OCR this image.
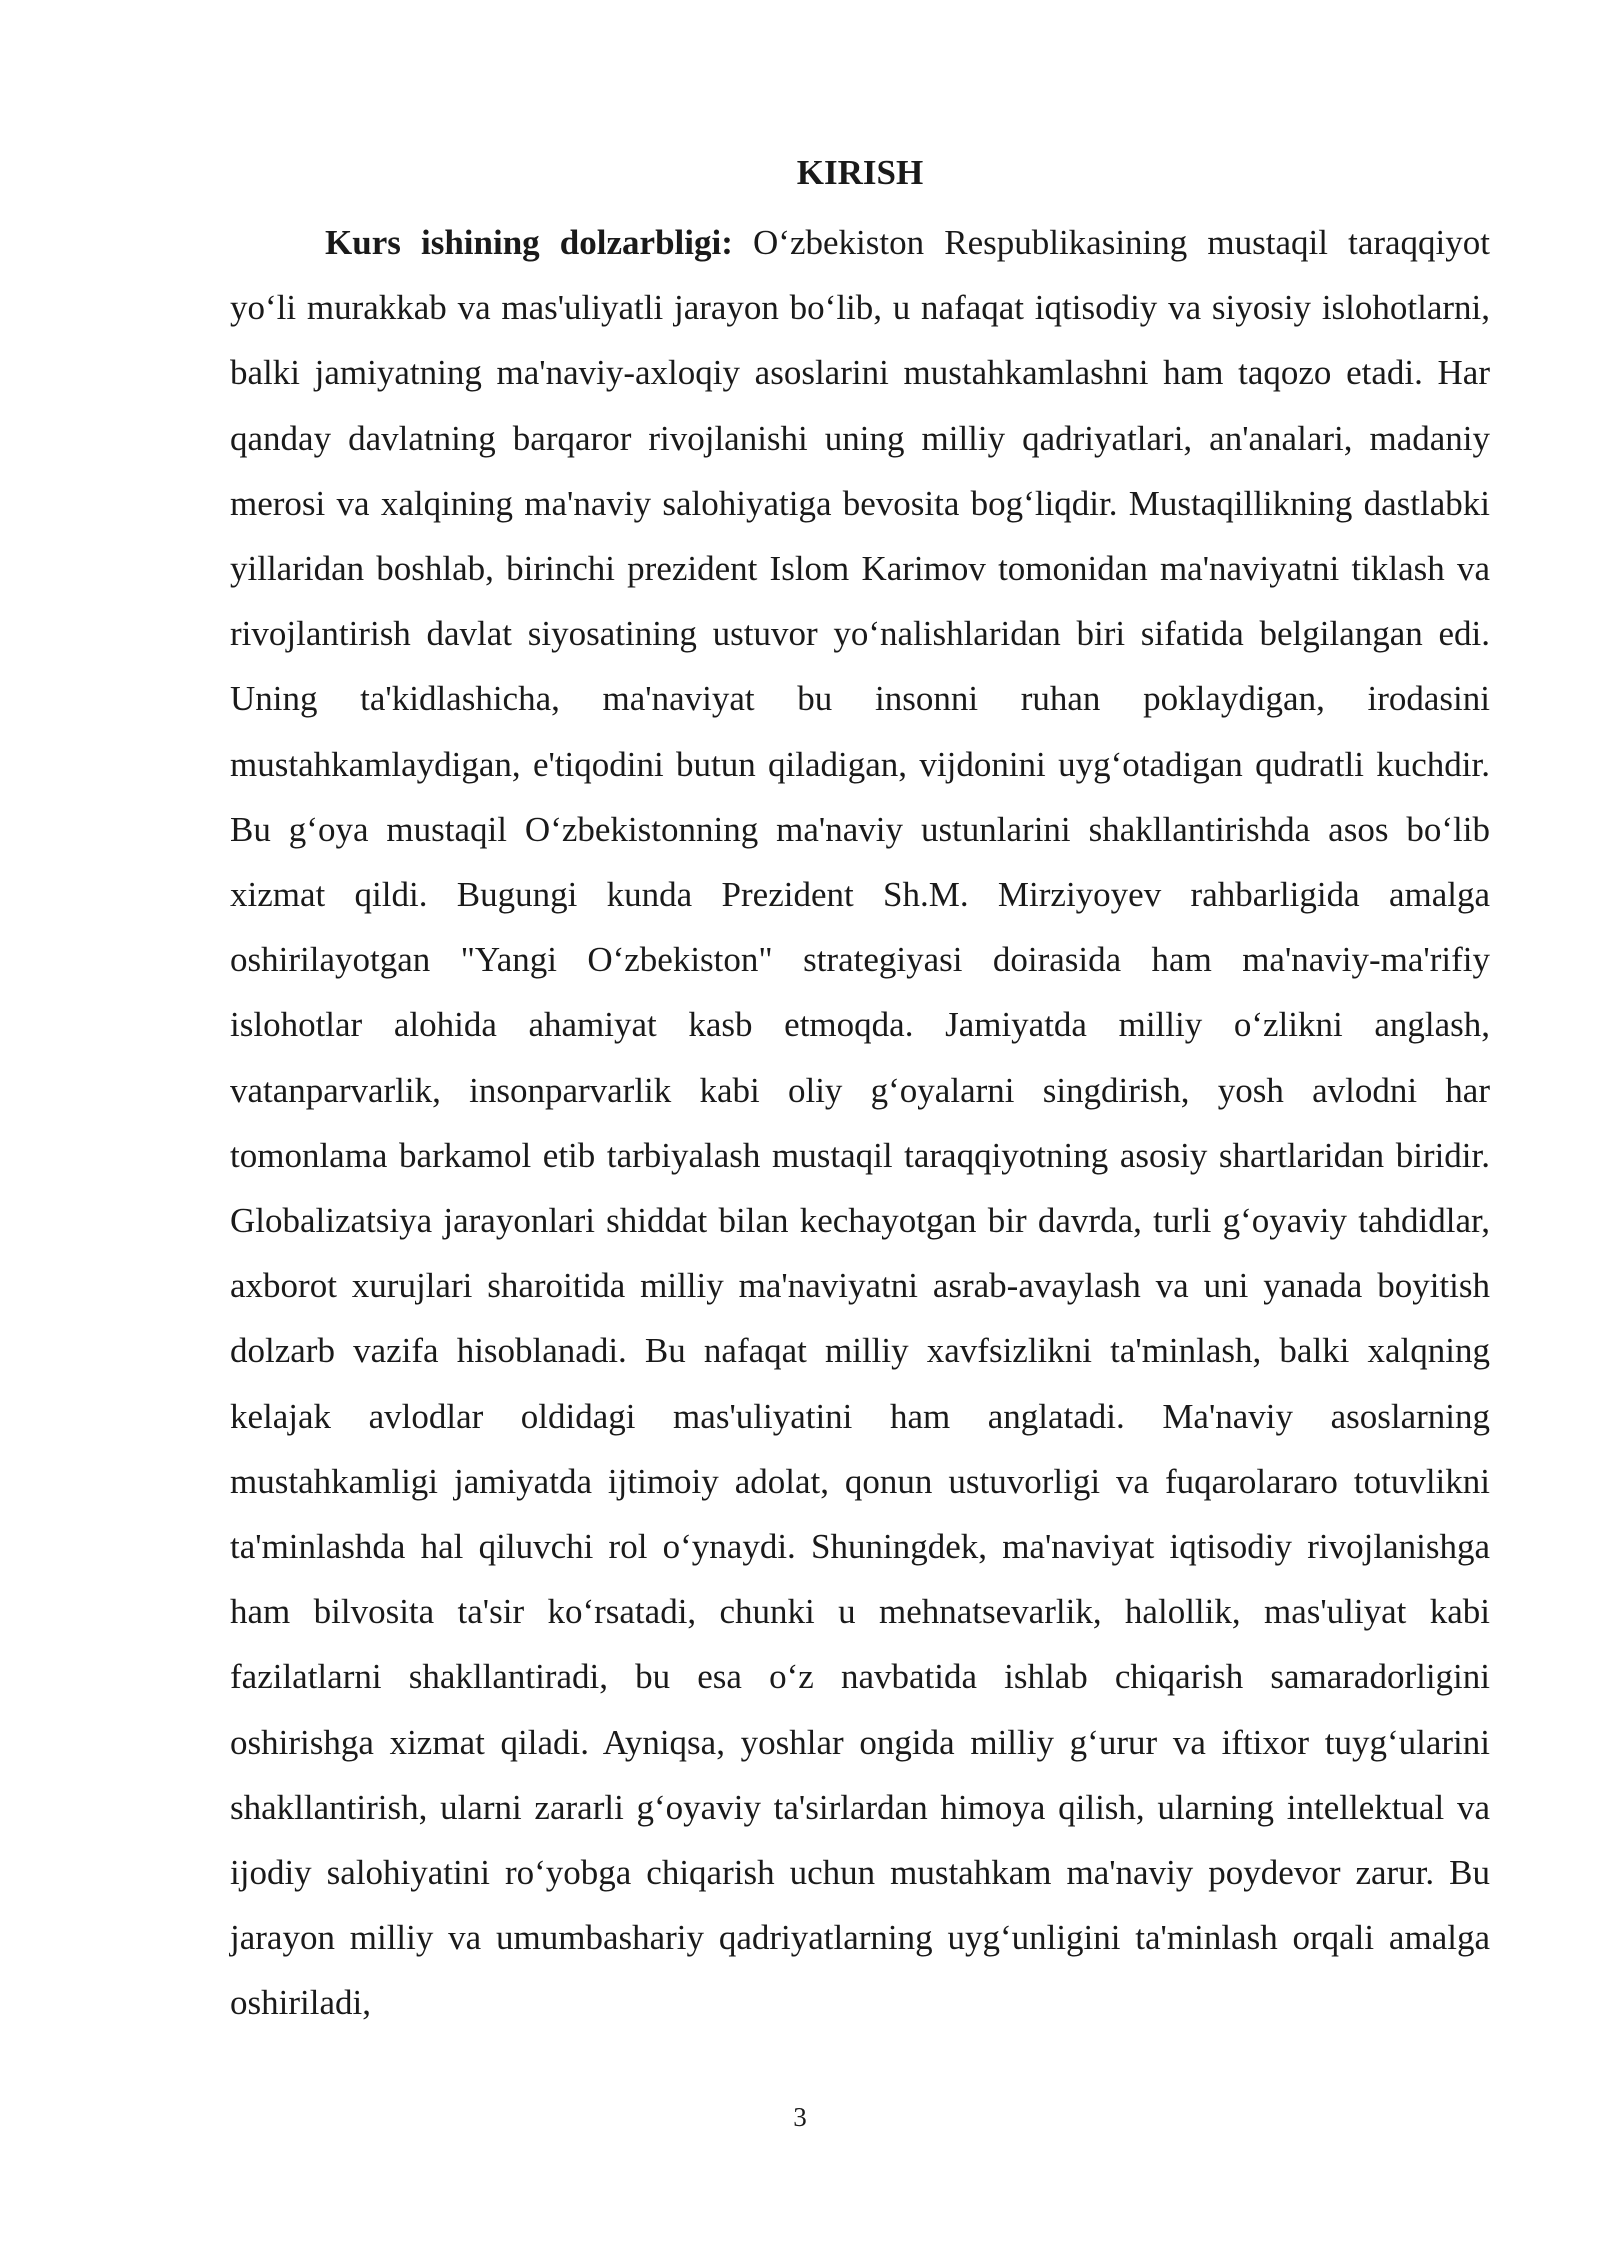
KIRISH

Kurs ishining dolzarbligi: O‘zbekiston Respublikasining mustaqil taraqqiyot yo‘li murakkab va mas'uliyatli jarayon bo‘lib, u nafaqat iqtisodiy va siyosiy islohotlarni, balki jamiyatning ma'naviy-axloqiy asoslarini mustahkamlashni ham taqozo etadi. Har qanday davlatning barqaror rivojlanishi uning milliy qadriyatlari, an'analari, madaniy merosi va xalqining ma'naviy salohiyatiga bevosita bog‘liqdir. Mustaqillikning dastlabki yillaridan boshlab, birinchi prezident Islom Karimov tomonidan ma'naviyatni tiklash va rivojlantirish davlat siyosatining ustuvor yo‘nalishlaridan biri sifatida belgilangan edi. Uning ta'kidlashicha, ma'naviyat bu insonni ruhan poklaydigan, irodasini mustahkamlaydigan, e'tiqodini butun qiladigan, vijdonini uyg‘otadigan qudratli kuchdir. Bu g‘oya mustaqil O‘zbekistonning ma'naviy ustunlarini shakllantirishda asos bo‘lib xizmat qildi. Bugungi kunda Prezident Sh.M. Mirziyoyev rahbarligida amalga oshirilayotgan "Yangi O‘zbekiston" strategiyasi doirasida ham ma'naviy-ma'rifiy islohotlar alohida ahamiyat kasb etmoqda. Jamiyatda milliy o‘zlikni anglash, vatanparvarlik, insonparvarlik kabi oliy g‘oyalarni singdirish, yosh avlodni har tomonlama barkamol etib tarbiyalash mustaqil taraqqiyotning asosiy shartlaridan biridir. Globalizatsiya jarayonlari shiddat bilan kechayotgan bir davrda, turli g‘oyaviy tahdidlar, axborot xurujlari sharoitida milliy ma'naviyatni asrab-avaylash va uni yanada boyitish dolzarb vazifa hisoblanadi. Bu nafaqat milliy xavfsizlikni ta'minlash, balki xalqning kelajak avlodlar oldidagi mas'uliyatini ham anglatadi. Ma'naviy asoslarning mustahkamligi jamiyatda ijtimoiy adolat, qonun ustuvorligi va fuqarolararo totuvlikni ta'minlashda hal qiluvchi rol o‘ynaydi. Shuningdek, ma'naviyat iqtisodiy rivojlanishga ham bilvosita ta'sir ko‘rsatadi, chunki u mehnatsevarlik, halollik, mas'uliyat kabi fazilatlarni shakllantiradi, bu esa o‘z navbatida ishlab chiqarish samaradorligini oshirishga xizmat qiladi. Ayniqsa, yoshlar ongida milliy g‘urur va iftixor tuyg‘ularini shakllantirish, ularni zararli g‘oyaviy ta'sirlardan himoya qilish, ularning intellektual va ijodiy salohiyatini ro‘yobga chiqarish uchun mustahkam ma'naviy poydevor zarur. Bu jarayon milliy va umumbashariy qadriyatlarning uyg‘unligini ta'minlash orqali amalga oshiriladi,

3
